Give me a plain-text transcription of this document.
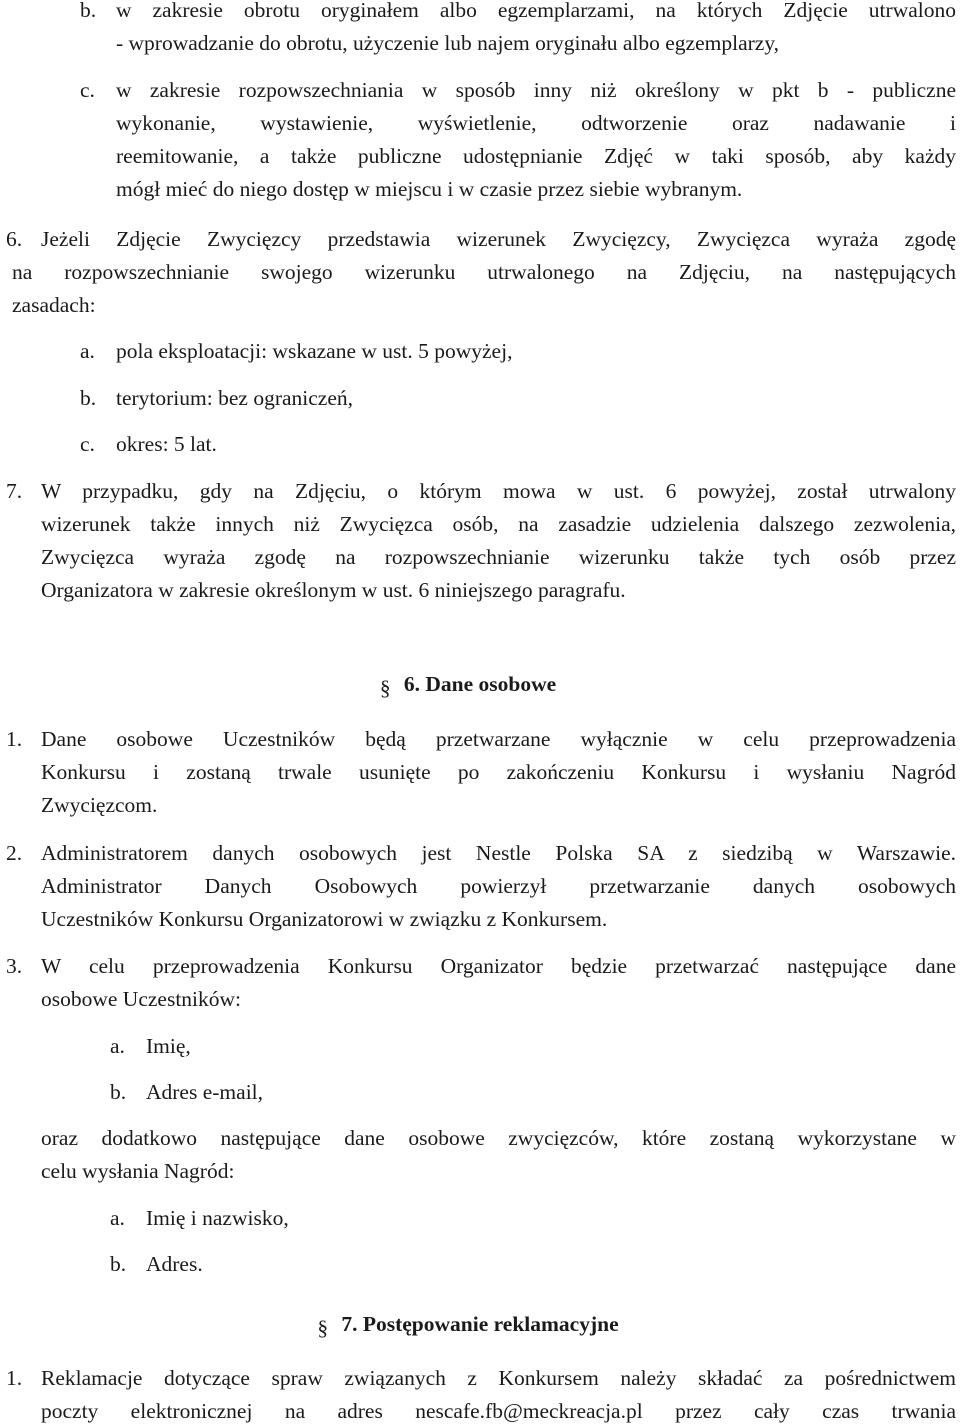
b. w zakresie obrotu oryginałem albo egzemplarzami, na których Zdjęcie utrwalono
- wprowadzanie do obrotu, użyczenie lub najem oryginału albo egzemplarzy,
c. w zakresie rozpowszechniania w sposób inny niż określony w pkt b - publiczne
wykonanie, wystawienie, wyświetlenie, odtworzenie oraz nadawanie i
reemitowanie, a także publiczne udostępnianie Zdjęć w taki sposób, aby każdy
mógł mieć do niego dostęp w miejscu i w czasie przez siebie wybranym.
6. Jeżeli Zdjęcie Zwycięzcy przedstawia wizerunek Zwycięzcy, Zwycięzca wyraża zgodę
na rozpowszechnianie swojego wizerunku utrwalonego na Zdjęciu, na następujących
zasadach:
a. pola eksploatacji: wskazane w ust. 5 powyżej,
b. terytorium: bez ograniczeń,
c. okres: 5 lat.
7. W przypadku, gdy na Zdjęciu, o którym mowa w ust. 6 powyżej, został utrwalony
wizerunek także innych niż Zwycięzca osób, na zasadzie udzielenia dalszego zezwolenia,
Zwycięzca wyraża zgodę na rozpowszechnianie wizerunku także tych osób przez
Organizatora w zakresie określonym w ust. 6 niniejszego paragrafu.
§ 6. Dane osobowe
1. Dane osobowe Uczestników będą przetwarzane wyłącznie w celu przeprowadzenia
Konkursu i zostaną trwale usunięte po zakończeniu Konkursu i wysłaniu Nagród
Zwycięzcom.
2. Administratorem danych osobowych jest Nestle Polska SA z siedzibą w Warszawie.
Administrator Danych Osobowych powierzył przetwarzanie danych osobowych
Uczestników Konkursu Organizatorowi w związku z Konkursem.
3. W celu przeprowadzenia Konkursu Organizator będzie przetwarzać następujące dane
osobowe Uczestników:
a. Imię,
b. Adres e-mail,
oraz dodatkowo następujące dane osobowe zwycięzców, które zostaną wykorzystane w
celu wysłania Nagród:
a. Imię i nazwisko,
b. Adres.
§ 7. Postępowanie reklamacyjne
1. Reklamacje dotyczące spraw związanych z Konkursem należy składać za pośrednictwem
poczty elektronicznej na adres nescafe.fb@meckreacja.pl przez cały czas trwania
